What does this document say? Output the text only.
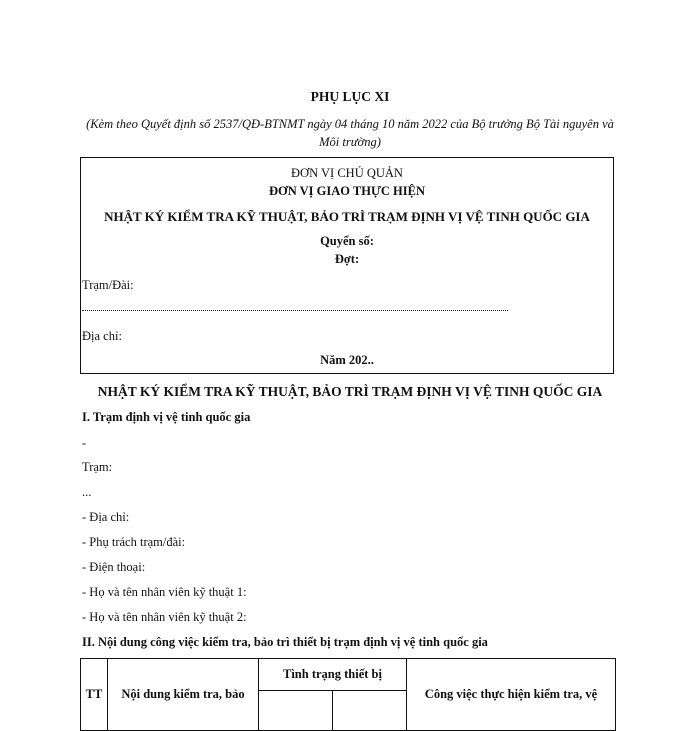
PHỤ LỤC XI
(Kèm theo Quyết định số 2537/QĐ-BTNMT ngày 04 tháng 10 năm 2022 của Bộ trưởng Bộ Tài nguyên và Môi trường)
ĐƠN VỊ CHỦ QUẢN
ĐƠN VỊ GIAO THỰC HIỆN
NHẬT KÝ KIỂM TRA KỸ THUẬT, BẢO TRÌ TRẠM ĐỊNH VỊ VỆ TINH QUỐC GIA
Quyển số:
Đợt:
Trạm/Đài:
Địa chỉ:
Năm 202..
NHẬT KÝ KIỂM TRA KỸ THUẬT, BẢO TRÌ TRẠM ĐỊNH VỊ VỆ TINH QUỐC GIA
I. Trạm định vị vệ tinh quốc gia
-
Trạm:
...
- Địa chỉ:
- Phụ trách trạm/đài:
- Điện thoại:
- Họ và tên nhân viên kỹ thuật 1:
- Họ và tên nhân viên kỹ thuật 2:
II. Nội dung công việc kiểm tra, bảo trì thiết bị trạm định vị vệ tinh quốc gia
TT	Nội dung kiểm tra, bảo	Tình trạng thiết bị		Công việc thực hiện kiểm tra, vệ
